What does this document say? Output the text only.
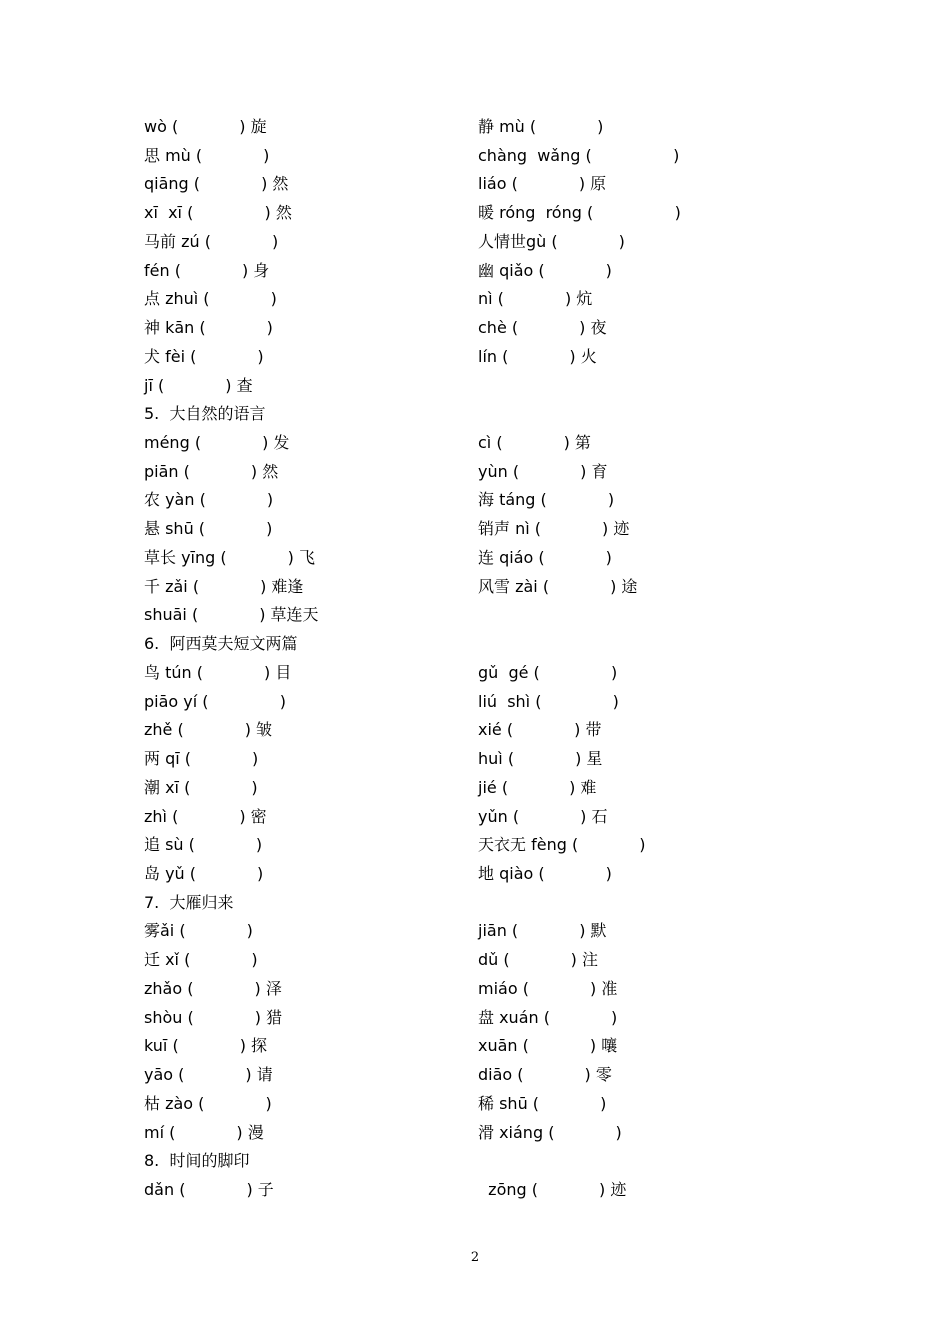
wò (            ) 旋	静 mù (            )
思 mù (            )	chàng  wǎng (                )
qiāng (            ) 然	liáo (            ) 原
xī  xī (              ) 然	暖 róng  róng (                )
马前 zú (            )	人情世gù (            )
fén (            ) 身	幽 qiǎo (            )
点 zhuì (            )	nì (            ) 炕
神 kān (            )	chè (            ) 夜
犬 fèi (            )	lín (            ) 火
jī (            ) 查
5.  大自然的语言
méng (            ) 发	cì (            ) 第
piān (            ) 然	yùn (            ) 育
农 yàn (            )	海 táng (            )
悬 shū (            )	销声 nì (            ) 迹
草长 yīng (            ) 飞	连 qiáo (            )
千 zǎi (            ) 难逢	风雪 zài (            ) 途
shuāi (            ) 草连天
6.  阿西莫夫短文两篇
鸟 tún (            ) 目	gǔ  gé (              )
piāo yí (              )	liú  shì (              )
zhě (            ) 皱	xié (            ) 带
两 qī (            )	huì (            ) 星
潮 xī (            )	jié (            ) 难
zhì (            ) 密	yǔn (            ) 石
追 sù (            )	天衣无 fèng (            )
岛 yǔ (            )	地 qiào (            )
7.  大雁归来
雾ǎi (            )	jiān (            ) 默
迁 xǐ (            )	dǔ (            ) 注
zhǎo (            ) 泽	miáo (            ) 准
shòu (            ) 猎	盘 xuán (            )
kuī (            ) 探	xuān (            ) 嚷
yāo (            ) 请	diāo (            ) 零
枯 zào (            )	稀 shū (            )
mí (            ) 漫	滑 xiáng (            )
8.  时间的脚印
dǎn (            ) 子	zōng (            ) 迹
2
